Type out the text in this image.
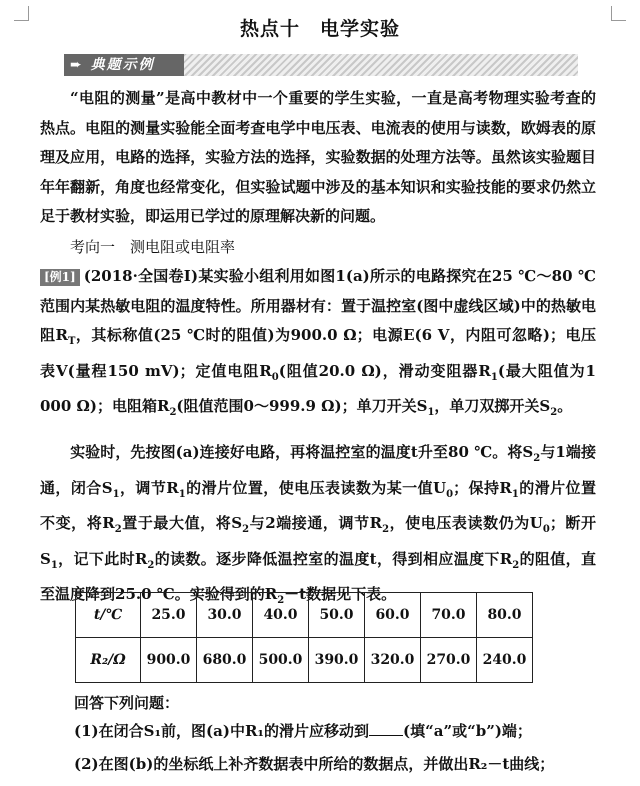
热点十　电学实验
➨ 典题示例

“电阻的测量”是高中教材中一个重要的学生实验，一直是高考物理实验考查的热点。电阻的测量实验能全面考查电学中电压表、电流表的使用与读数，欧姆表的原理及应用，电路的选择，实验方法的选择，实验数据的处理方法等。虽然该实验题目年年翻新，角度也经常变化，但实验试题中涉及的基本知识和实验技能的要求仍然立足于教材实验，即运用已学过的原理解决新的问题。

考向一　测电阻或电阻率

[例1] (2018·全国卷Ⅰ)某实验小组利用如图1(a)所示的电路探究在25 ℃～80 ℃范围内某热敏电阻的温度特性。所用器材有：置于温控室(图中虚线区域)中的热敏电阻$R_T$，其标称值(25 ℃时的阻值)为900.0 Ω；电源E(6 V，内阻可忽略)；电压表V(量程150 mV)；定值电阻$R_0$(阻值20.0 Ω)，滑动变阻器$R_1$(最大阻值为1 000 Ω)；电阻箱$R_2$(阻值范围0～999.9 Ω)；单刀开关$S_1$，单刀双掷开关$S_2$。

实验时，先按图(a)连接好电路，再将温控室的温度t升至80 ℃。将$S_2$与1端接通，闭合$S_1$，调节$R_1$的滑片位置，使电压表读数为某一值$U_0$；保持$R_1$的滑片位置不变，将$R_2$置于最大值，将$S_2$与2端接通，调节$R_2$，使电压表读数仍为$U_0$；断开$S_1$，记下此时$R_2$的读数。逐步降低温控室的温度t，得到相应温度下$R_2$的阻值，直至温度降到25.0 ℃。实验得到的$R_2-t$数据见下表。

t/℃	25.0	30.0	40.0	50.0	60.0	70.0	80.0
R₂/Ω	900.0	680.0	500.0	390.0	320.0	270.0	240.0
回答下列问题：
(1)在闭合S₁前，图(a)中R₁的滑片应移动到 (填“a”或“b”)端；
(2)在图(b)的坐标纸上补齐数据表中所给的数据点，并做出R₂－t曲线；
